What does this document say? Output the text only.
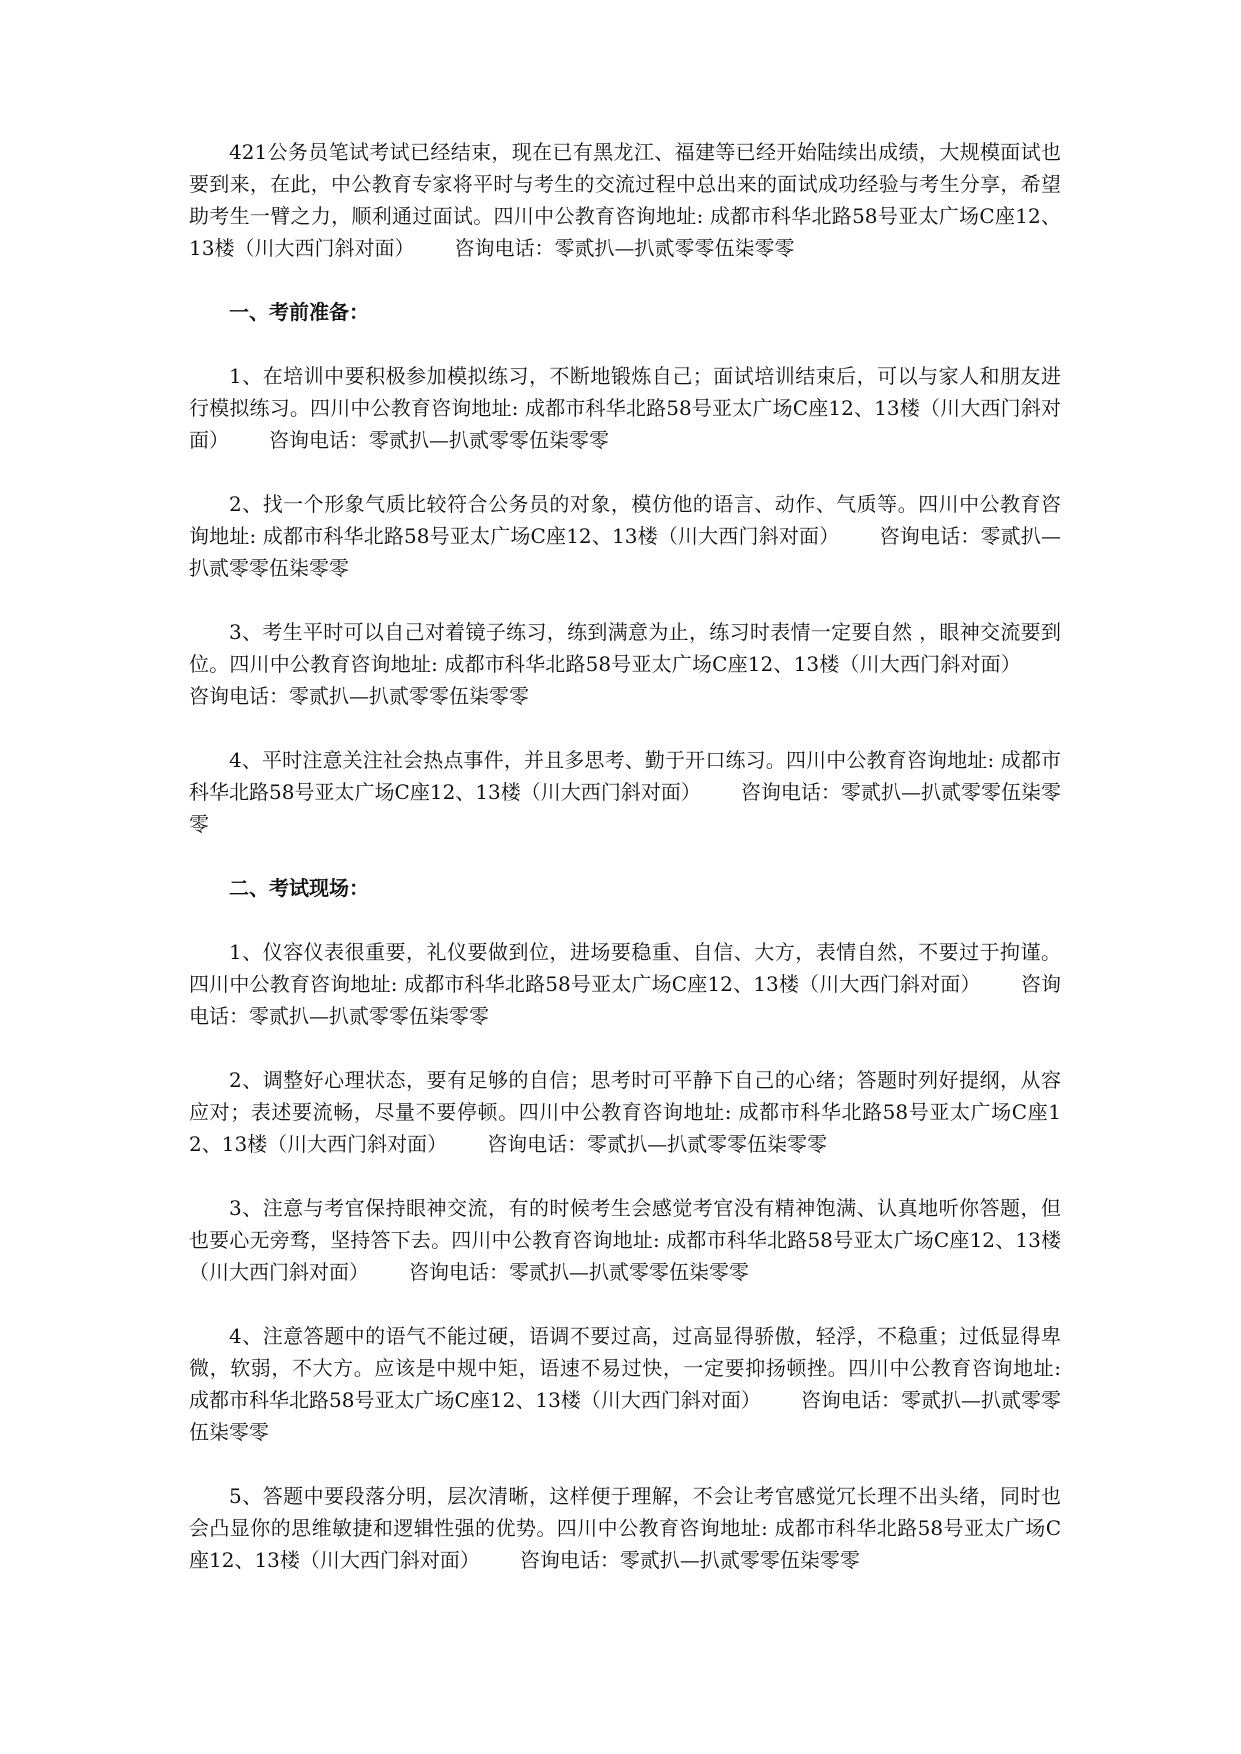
421公务员笔试考试已经结束，现在已有黑龙江、福建等已经开始陆续出成绩，大规模面试也要到来，在此，中公教育专家将平时与考生的交流过程中总出来的面试成功经验与考生分享，希望助考生一臂之力，顺利通过面试。四川中公教育咨询地址: 成都市科华北路58号亚太广场C座12、13楼（川大西门斜对面） 咨询电话：零贰扒—扒贰零零伍柒零零

一、考前准备：

1、在培训中要积极参加模拟练习，不断地锻炼自己；面试培训结束后，可以与家人和朋友进行模拟练习。四川中公教育咨询地址: 成都市科华北路58号亚太广场C座12、13楼（川大西门斜对面） 咨询电话：零贰扒—扒贰零零伍柒零零

2、找一个形象气质比较符合公务员的对象，模仿他的语言、动作、气质等。四川中公教育咨询地址: 成都市科华北路58号亚太广场C座12、13楼（川大西门斜对面） 咨询电话：零贰扒—扒贰零零伍柒零零

3、考生平时可以自己对着镜子练习，练到满意为止，练习时表情一定要自然 ，眼神交流要到位。四川中公教育咨询地址: 成都市科华北路58号亚太广场C座12、13楼（川大西门斜对面）咨询电话：零贰扒—扒贰零零伍柒零零

4、平时注意关注社会热点事件，并且多思考、勤于开口练习。四川中公教育咨询地址: 成都市科华北路58号亚太广场C座12、13楼（川大西门斜对面） 咨询电话：零贰扒—扒贰零零伍柒零零

二、考试现场：

1、仪容仪表很重要，礼仪要做到位，进场要稳重、自信、大方，表情自然，不要过于拘谨。四川中公教育咨询地址: 成都市科华北路58号亚太广场C座12、13楼（川大西门斜对面） 咨询电话：零贰扒—扒贰零零伍柒零零

2、调整好心理状态，要有足够的自信；思考时可平静下自己的心绪；答题时列好提纲，从容应对；表述要流畅，尽量不要停顿。四川中公教育咨询地址: 成都市科华北路58号亚太广场C座12、13楼（川大西门斜对面） 咨询电话：零贰扒—扒贰零零伍柒零零

3、注意与考官保持眼神交流，有的时候考生会感觉考官没有精神饱满、认真地听你答题，但也要心无旁骛，坚持答下去。四川中公教育咨询地址: 成都市科华北路58号亚太广场C座12、13楼（川大西门斜对面） 咨询电话：零贰扒—扒贰零零伍柒零零

4、注意答题中的语气不能过硬，语调不要过高，过高显得骄傲，轻浮，不稳重；过低显得卑微，软弱，不大方。应该是中规中矩，语速不易过快，一定要抑扬顿挫。四川中公教育咨询地址: 成都市科华北路58号亚太广场C座12、13楼（川大西门斜对面） 咨询电话：零贰扒—扒贰零零伍柒零零

5、答题中要段落分明，层次清晰，这样便于理解，不会让考官感觉冗长理不出头绪，同时也会凸显你的思维敏捷和逻辑性强的优势。四川中公教育咨询地址: 成都市科华北路58号亚太广场C座12、13楼（川大西门斜对面） 咨询电话：零贰扒—扒贰零零伍柒零零
